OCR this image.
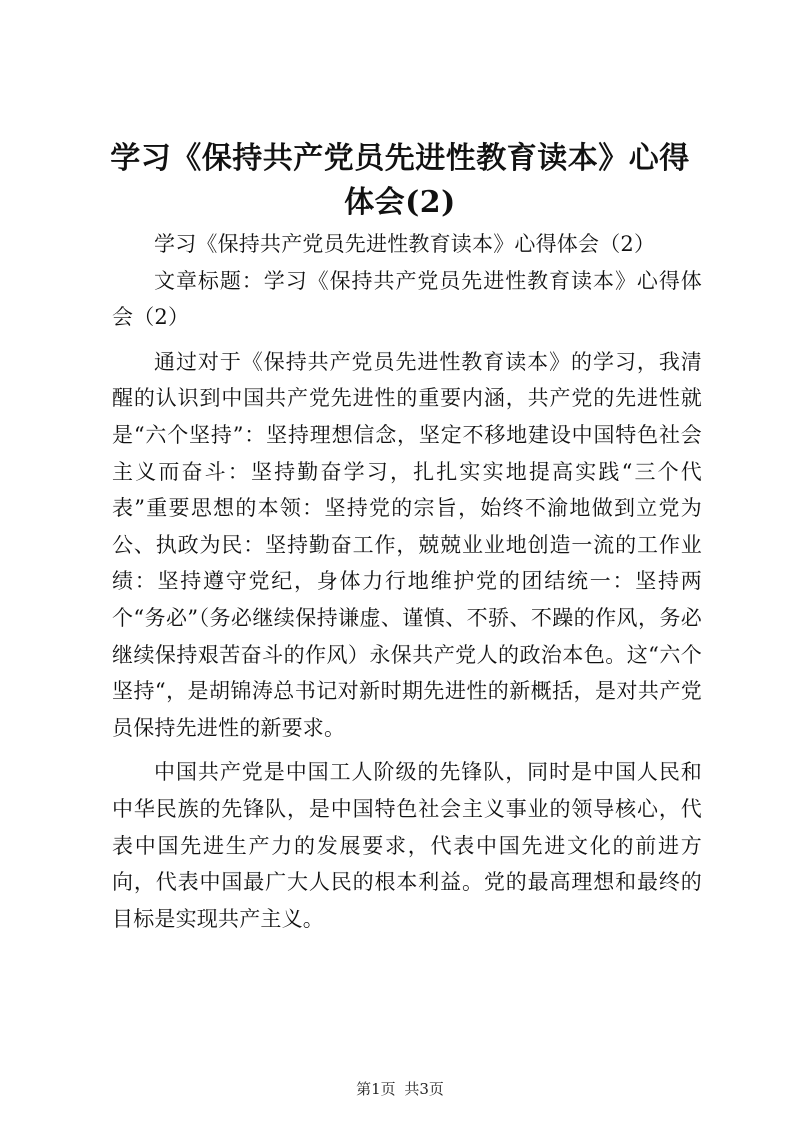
学习《保持共产党员先进性教育读本》心得体会(2)

学习《保持共产党员先进性教育读本》心得体会（2）

文章标题：学习《保持共产党员先进性教育读本》心得体会（2）

通过对于《保持共产党员先进性教育读本》的学习，我清醒的认识到中国共产党先进性的重要内涵，共产党的先进性就是“六个坚持”：坚持理想信念，坚定不移地建设中国特色社会主义而奋斗：坚持勤奋学习，扎扎实实地提高实践“三个代表”重要思想的本领：坚持党的宗旨，始终不渝地做到立党为公、执政为民：坚持勤奋工作，兢兢业业地创造一流的工作业绩：坚持遵守党纪，身体力行地维护党的团结统一：坚持两个“务必”（务必继续保持谦虚、谨慎、不骄、不躁的作风，务必继续保持艰苦奋斗的作风）永保共产党人的政治本色。这“六个坚持“，是胡锦涛总书记对新时期先进性的新概括，是对共产党员保持先进性的新要求。

中国共产党是中国工人阶级的先锋队，同时是中国人民和中华民族的先锋队，是中国特色社会主义事业的领导核心，代表中国先进生产力的发展要求，代表中国先进文化的前进方向，代表中国最广大人民的根本利益。党的最高理想和最终的目标是实现共产主义。

第1页 共3页
